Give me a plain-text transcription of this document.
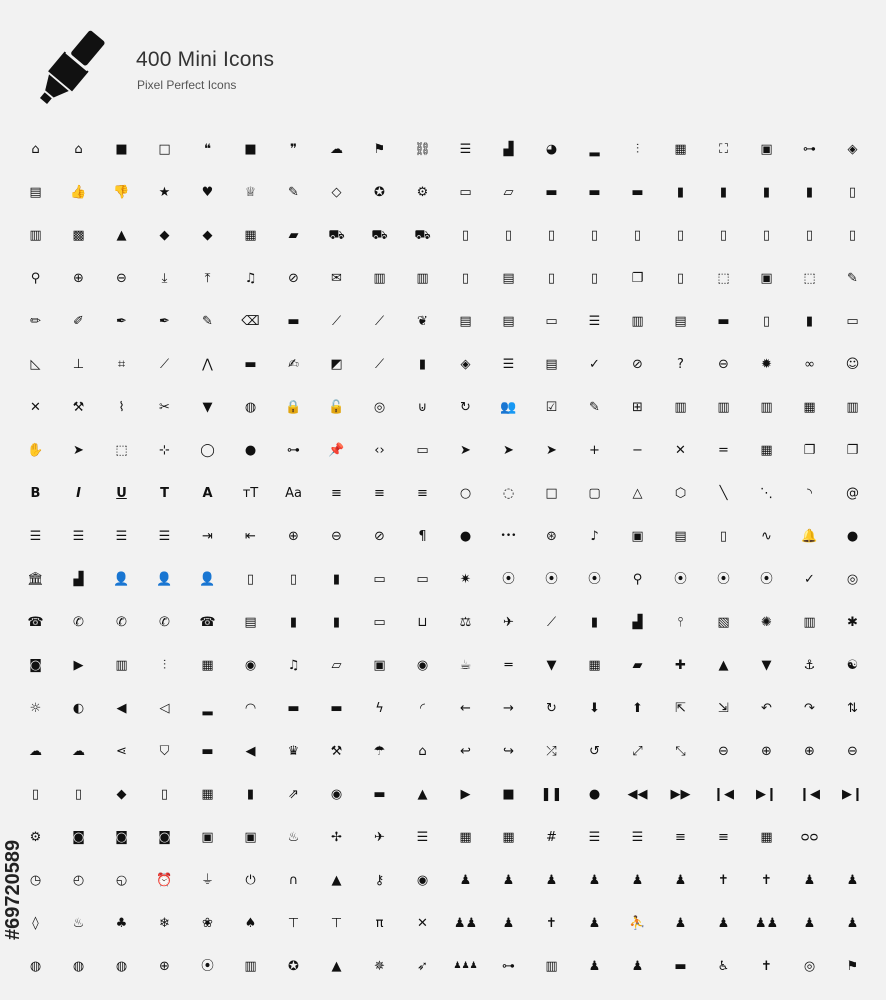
400 Mini Icons
Pixel Perfect Icons
#69720589
⌂	⌂	■ □	❝	■	❞	☁ ⚑ ⛓ ☰ ▟ ◕ ▂	⫶	▦ ⛶ ▣ ⊶ ◈
▤ 👍 👎 ★ ♥ ♕ ✎	◇	✪ ⚙ ▭ ▱ ▬ ▬ ▬	▮	▮	▮	▮	▯
▥ ▩ ▲	◆	◆ ▦ ▰ ⛟ ⛟ ⛟ ▯	▯	▯	▯	▯	▯	▯	▯	▯	▯
⚲	⊕ ⊖	⤓	⤒	♫ ⊘ ✉ ▥ ▥	▯	▤	▯	▯	❐	▯	⬚ ▣ ⬚ ✎
✏ ✐ ✒ ✒ ✎ ⌫ ▬ ⟋	⟋	❦ ▤ ▤ ▭ ☰ ▥ ▤ ▬	▯	▮	▭
◺ ⊥	⌗	⟋	⋀ ▬ ✍ ◩ ⟋	▮	◈ ☰ ▤ ✓ ⊘	?	⊖ ✹ ∞ ☺
✕ ⚒	⌇	✂	▼ ◍ 🔒 🔓 ◎	⊍	↻ 👥 ☑ ✎ ⊞ ▥ ▥ ▥ ▦ ▥
✋ ➤ ⬚ ⊹ ◯ ● ⊶ 📌 ‹› ▭ ➤ ➤ ➤ + − ✕ = ▦ ❐ ❐
B	I	U	T	A ᴛT Aa ≡ ≡ ≡ ○ ◌ □ ▢ △ ⬡	╲	⋱	◝	@
☰ ☰ ☰ ☰ ⇥ ⇤ ⊕ ⊖ ⊘	¶	●	••• ⊛	♪	▣ ▤	▯	∿ 🔔 ●
🏛 ▟ 👤 👤 👤 ▯	▯	▮	▭ ▭ ✷ ⦿ ⦿ ⦿ ⚲ ⦿ ⦿ ⦿ ✓ ◎
☎ ✆ ✆ ✆ ☎ ▤	▮	▮	▭ ⊔ ⚖ ✈	⟋	▮	▟	⫯	▧ ✺ ▥ ✱
◙ ▶ ▥	⫶	▦ ◉ ♫ ▱ ▣ ◉ ☕	═	▼ ▦ ▰	✚	▲	▼ ⚓ ☯
☼ ◐ ◀	◁	▂ ◠ ▬ ▬	ϟ	◜	← → ↻ ⬇ ⬆ ⇱ ⇲ ↶ ↷ ⇅
☁ ☁ ⋖	⛉ ▬ ◀ ♛ ⚒ ☂	⌂	↩ ↪ ⤮ ↺ ⤢	⤡ ⊖ ⊕ ⊕ ⊖
▯	▯	◆	▯	▦	▮	⇗ ◉ ▬ ▲	▶ ■ ❚❚ ● ◀◀ ▶▶ ❙◀ ▶❙ ❙◀ ▶❙
⚙ ◙ ◙ ◙ ▣ ▣ ♨ ✢ ✈ ☰ ▦ ▦ # ☰ ☰ ≡ ≡ ▦ ᴑᴑ
◷ ◴ ◵ ⏰ ⏚ ⏻	∩	▲	⚷	◉ ♟ ♟ ♟ ♟ ♟ ♟ ✝ ✝ ♟ ♟
◊	♨ ♣ ❄ ❀ ♠ ⊤ ⊤	π	✕ ♟♟ ♟ ✝ ♟ ⛹ ♟ ♟ ♟♟ ♟ ♟
◍ ◍ ◍ ⊕ ⦿ ▥ ✪	▲	✵ ➶	♟♟♟ ⊶ ▥ ♟ ♟ ▬ ♿ ✝ ◎ ⚑
